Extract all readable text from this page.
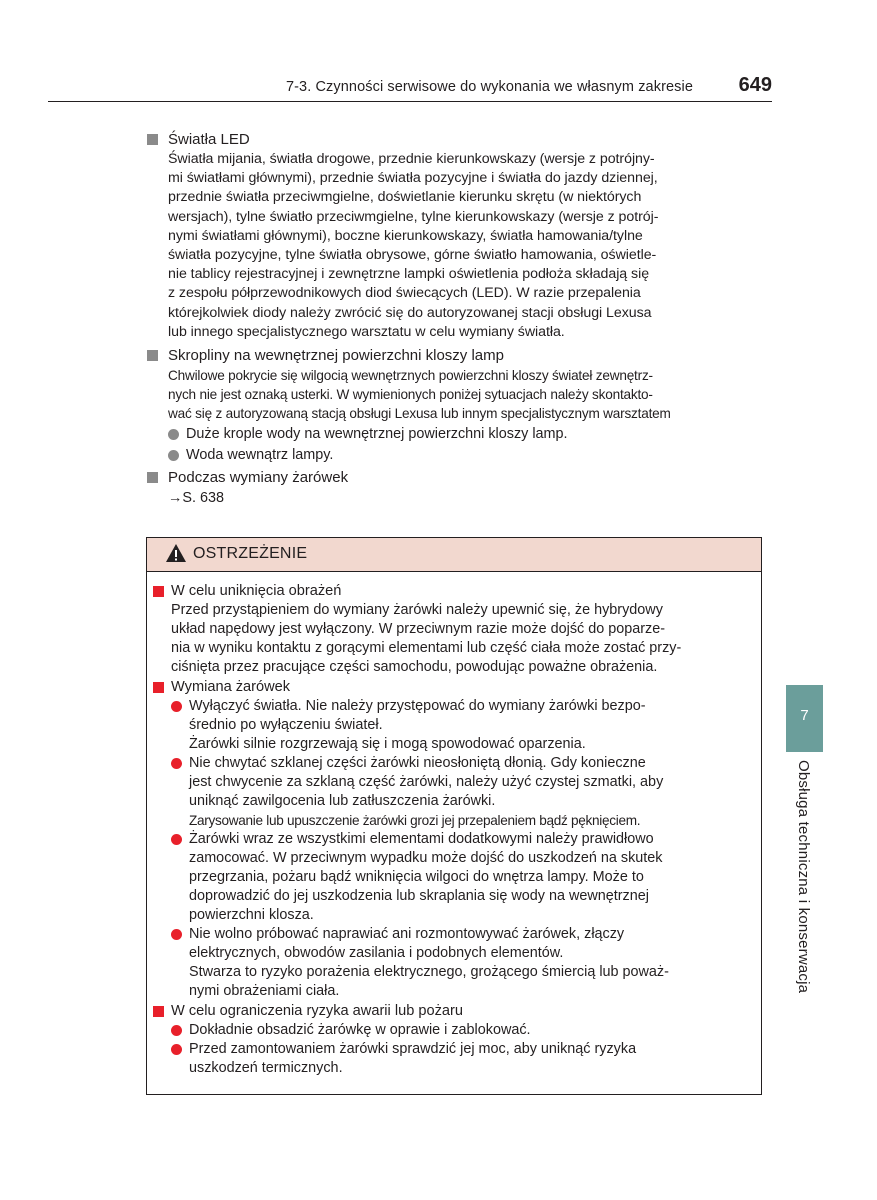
7-3. Czynności serwisowe do wykonania we własnym zakresie 649
Światła LED
Światła mijania, światła drogowe, przednie kierunkowskazy (wersje z potrójny-
mi światłami głównymi), przednie światła pozycyjne i światła do jazdy dziennej,
przednie światła przeciwmgielne, doświetlanie kierunku skrętu (w niektórych
wersjach), tylne światło przeciwmgielne, tylne kierunkowskazy (wersje z potrój-
nymi światłami głównymi), boczne kierunkowskazy, światła hamowania/tylne
światła pozycyjne, tylne światła obrysowe, górne światło hamowania, oświetle-
nie tablicy rejestracyjnej i zewnętrzne lampki oświetlenia podłoża składają się
z zespołu półprzewodnikowych diod świecących (LED). W razie przepalenia
którejkolwiek diody należy zwrócić się do autoryzowanej stacji obsługi Lexusa
lub innego specjalistycznego warsztatu w celu wymiany światła.
Skropliny na wewnętrznej powierzchni kloszy lamp
Chwilowe pokrycie się wilgocią wewnętrznych powierzchni kloszy świateł zewnętrz-
nych nie jest oznaką usterki. W wymienionych poniżej sytuacjach należy skontakto-
wać się z autoryzowaną stacją obsługi Lexusa lub innym specjalistycznym warsztatem
Duże krople wody na wewnętrznej powierzchni kloszy lamp.
Woda wewnątrz lampy.
Podczas wymiany żarówek
→S. 638
OSTRZEŻENIE
W celu uniknięcia obrażeń
Przed przystąpieniem do wymiany żarówki należy upewnić się, że hybrydowy
układ napędowy jest wyłączony. W przeciwnym razie może dojść do poparze-
nia w wyniku kontaktu z gorącymi elementami lub część ciała może zostać przy-
ciśnięta przez pracujące części samochodu, powodując poważne obrażenia.
Wymiana żarówek
Wyłączyć światła. Nie należy przystępować do wymiany żarówki bezpo-
średnio po wyłączeniu świateł.
Żarówki silnie rozgrzewają się i mogą spowodować oparzenia.
Nie chwytać szklanej części żarówki nieosłoniętą dłonią. Gdy konieczne
jest chwycenie za szklaną część żarówki, należy użyć czystej szmatki, aby
uniknąć zawilgocenia lub zatłuszczenia żarówki.
Zarysowanie lub upuszczenie żarówki grozi jej przepaleniem bądź pęknięciem.
Żarówki wraz ze wszystkimi elementami dodatkowymi należy prawidłowo
zamocować. W przeciwnym wypadku może dojść do uszkodzeń na skutek
przegrzania, pożaru bądź wniknięcia wilgoci do wnętrza lampy. Może to
doprowadzić do jej uszkodzenia lub skraplania się wody na wewnętrznej
powierzchni klosza.
Nie wolno próbować naprawiać ani rozmontowywać żarówek, złączy
elektrycznych, obwodów zasilania i podobnych elementów.
Stwarza to ryzyko porażenia elektrycznego, grożącego śmiercią lub poważ-
nymi obrażeniami ciała.
W celu ograniczenia ryzyka awarii lub pożaru
Dokładnie obsadzić żarówkę w oprawie i zablokować.
Przed zamontowaniem żarówki sprawdzić jej moc, aby uniknąć ryzyka
uszkodzeń termicznych.
7
Obsługa techniczna i konserwacja
